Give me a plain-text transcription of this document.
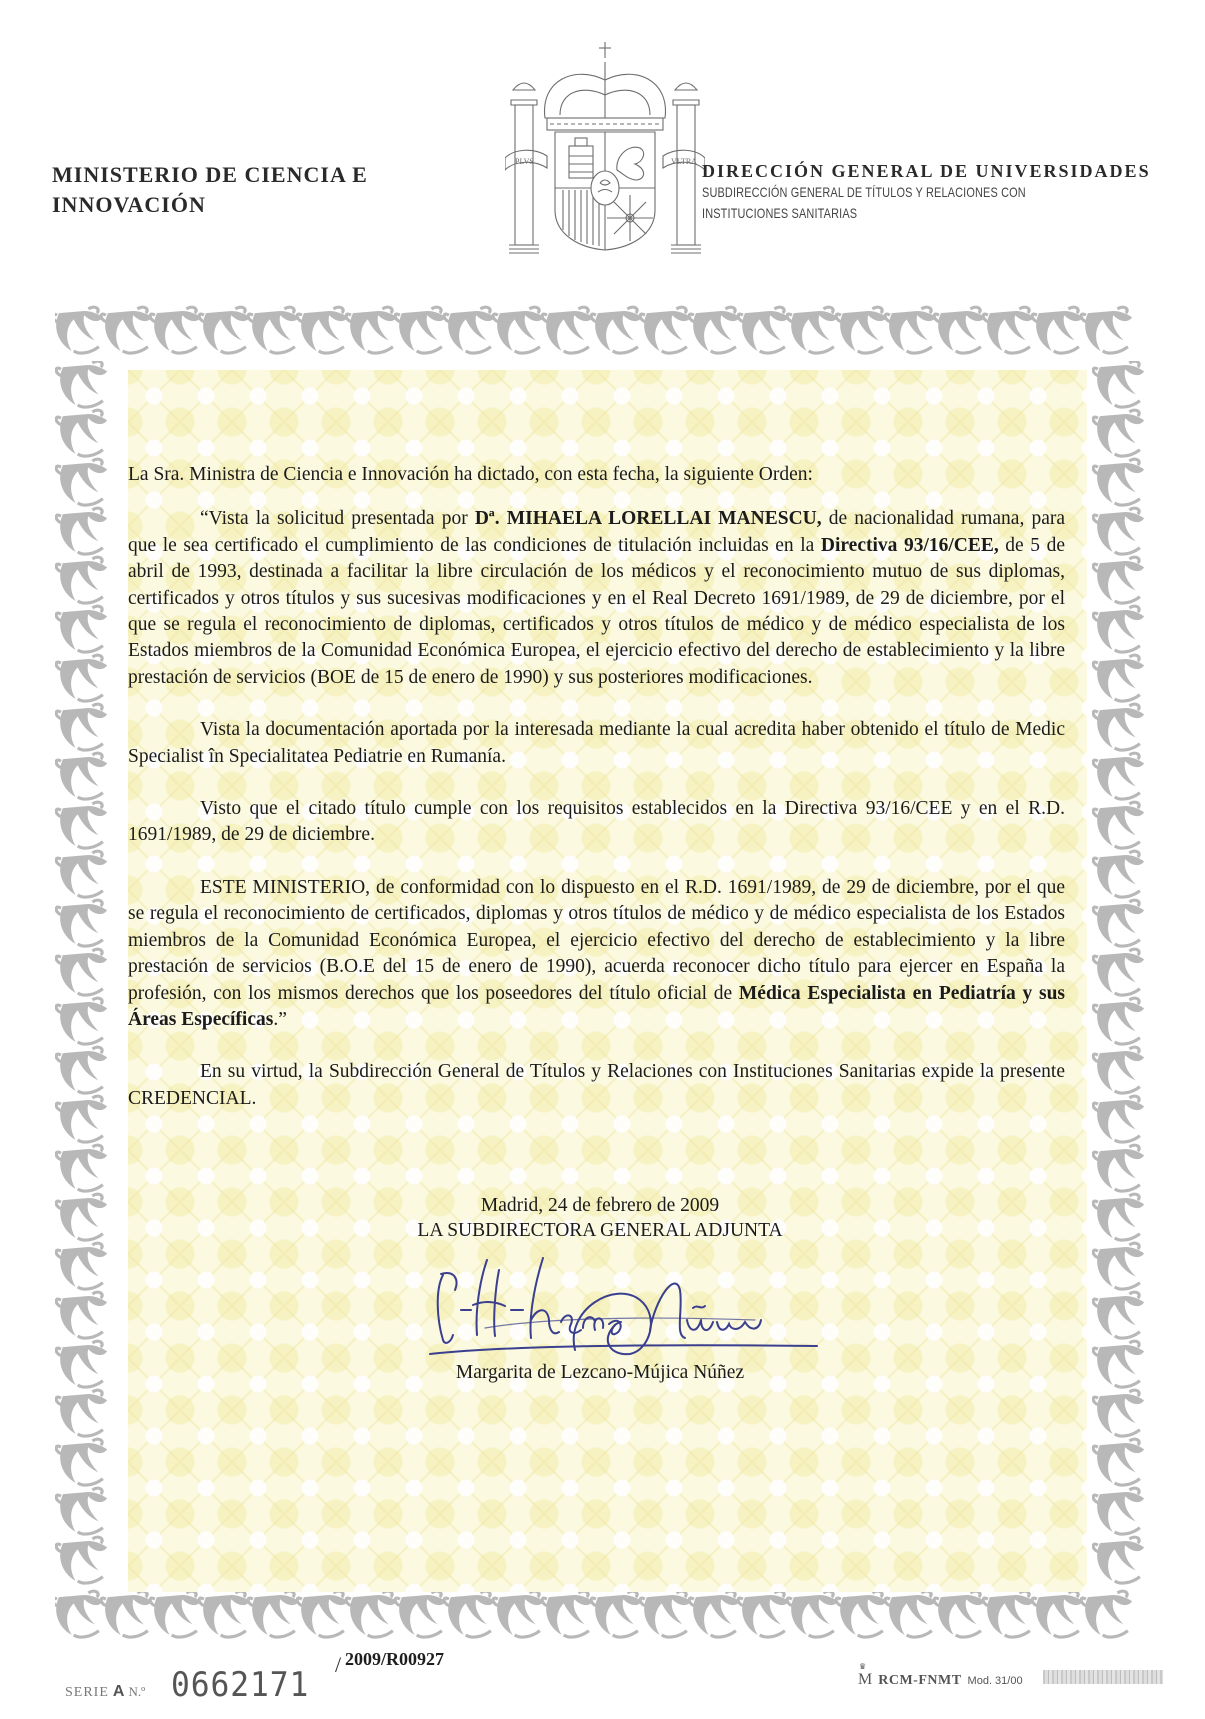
MINISTERIO DE CIENCIA E
INNOVACIÓN
PLVS	VLTRA DIRECCIÓN GENERAL DE UNIVERSIDADES
SUBDIRECCIÓN GENERAL DE TÍTULOS Y RELACIONES CON
INSTITUCIONES SANITARIAS

La Sra. Ministra de Ciencia e Innovación ha dictado, con esta fecha, la siguiente Orden:

“Vista la solicitud presentada por Dª. MIHAELA LORELLAI MANESCU, de nacionalidad rumana, para que le sea certificado el cumplimiento de las condiciones de titulación incluidas en la Directiva 93/16/CEE, de 5 de abril de 1993, destinada a facilitar la libre circulación de los médicos y el reconocimiento mutuo de sus diplomas, certificados y otros títulos y sus sucesivas modificaciones y en el Real Decreto 1691/1989, de 29 de diciembre, por el que se regula el reconocimiento de diplomas, certificados y otros títulos de médico y de médico especialista de los Estados miembros de la Comunidad Económica Europea, el ejercicio efectivo del derecho de establecimiento y la libre prestación de servicios (BOE de 15 de enero de 1990) y sus posteriores modificaciones.

Vista la documentación aportada por la interesada mediante la cual acredita haber obtenido el título de Medic Specialist în Specialitatea Pediatrie en Rumanía.

Visto que el citado título cumple con los requisitos establecidos en la Directiva 93/16/CEE y en el R.D. 1691/1989, de 29 de diciembre.

ESTE MINISTERIO, de conformidad con lo dispuesto en el R.D. 1691/1989, de 29 de diciembre, por el que se regula el reconocimiento de certificados, diplomas y otros títulos de médico y de médico especialista de los Estados miembros de la Comunidad Económica Europea, el ejercicio efectivo del derecho de establecimiento y la libre prestación de servicios (B.O.E del 15 de enero de 1990), acuerda reconocer dicho título para ejercer en España la profesión, con los mismos derechos que los poseedores del título oficial de Médica Especialista en Pediatría y sus Áreas Específicas.”

En su virtud, la Subdirección General de Títulos y Relaciones con Instituciones Sanitarias expide la presente CREDENCIAL.

Madrid, 24 de febrero de 2009
LA SUBDIRECTORA GENERAL ADJUNTA
Margarita de Lezcano-Mújica Núñez
SERIE A N.º 0662171
/ 2009/R00927
♛ M RCM-FNMT Mod. 31/00
